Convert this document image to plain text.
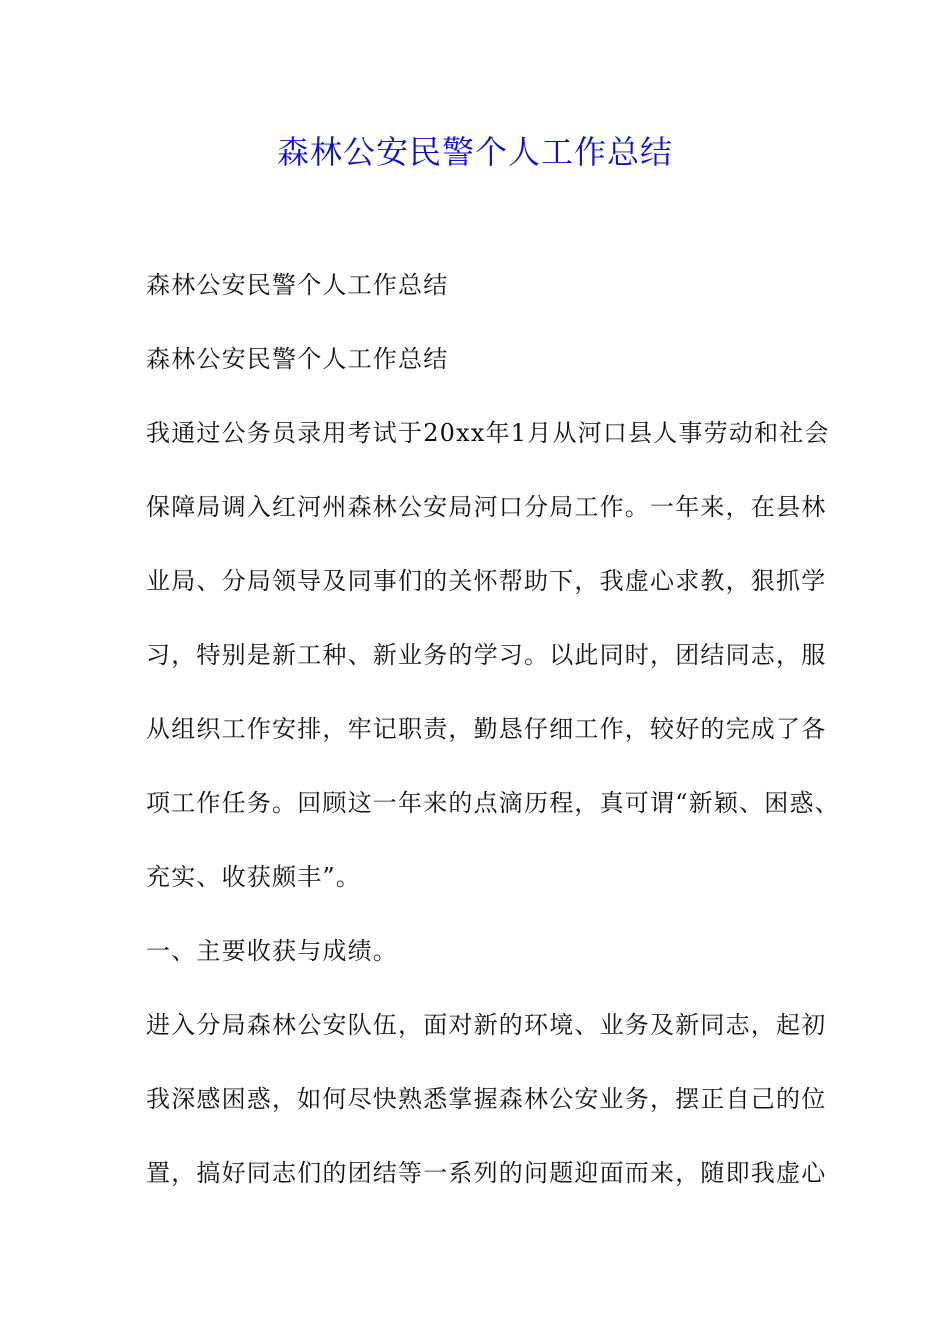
森林公安民警个人工作总结
森林公安民警个人工作总结
森林公安民警个人工作总结
我通过公务员录用考试于20xx年1月从河口县人事劳动和社会
保障局调入红河州森林公安局河口分局工作。一年来，在县林
业局、分局领导及同事们的关怀帮助下，我虚心求教，狠抓学
习，特别是新工种、新业务的学习。以此同时，团结同志，服
从组织工作安排，牢记职责，勤恳仔细工作，较好的完成了各
项工作任务。回顾这一年来的点滴历程，真可谓“新颖、困惑、
充实、收获颇丰”。
一、主要收获与成绩。
进入分局森林公安队伍，面对新的环境、业务及新同志，起初
我深感困惑，如何尽快熟悉掌握森林公安业务，摆正自己的位
置，搞好同志们的团结等一系列的问题迎面而来，随即我虚心
